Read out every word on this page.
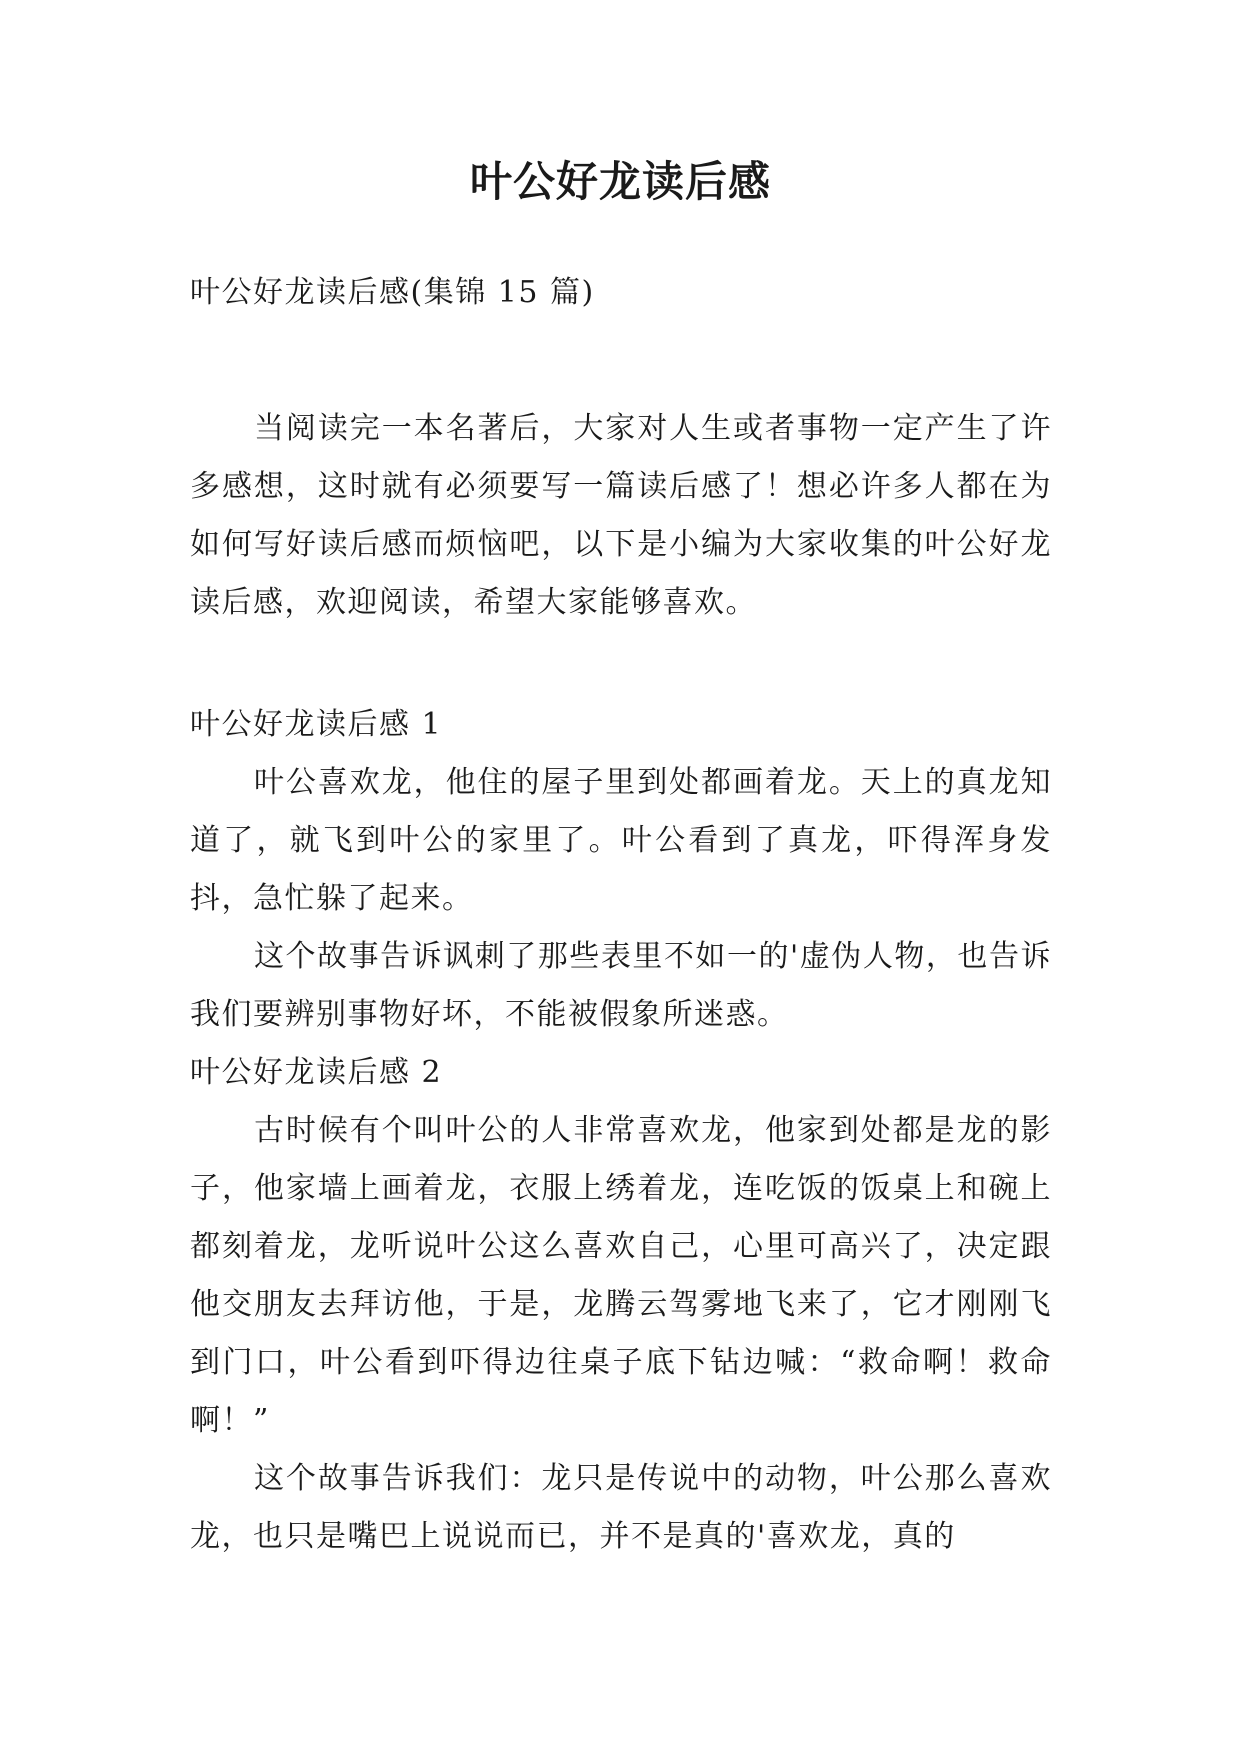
叶公好龙读后感

叶公好龙读后感(集锦 15 篇)

当阅读完一本名著后，大家对人生或者事物一定产生了许多感想，这时就有必须要写一篇读后感了！想必许多人都在为如何写好读后感而烦恼吧，以下是小编为大家收集的叶公好龙读后感，欢迎阅读，希望大家能够喜欢。

叶公好龙读后感 1

叶公喜欢龙，他住的屋子里到处都画着龙。天上的真龙知道了，就飞到叶公的家里了。叶公看到了真龙，吓得浑身发抖，急忙躲了起来。

这个故事告诉讽刺了那些表里不如一的'虚伪人物，也告诉我们要辨别事物好坏，不能被假象所迷惑。

叶公好龙读后感 2

古时候有个叫叶公的人非常喜欢龙，他家到处都是龙的影子，他家墙上画着龙，衣服上绣着龙，连吃饭的饭桌上和碗上都刻着龙，龙听说叶公这么喜欢自己，心里可高兴了，决定跟他交朋友去拜访他，于是，龙腾云驾雾地飞来了，它才刚刚飞到门口，叶公看到吓得边往桌子底下钻边喊：“救命啊！救命啊！”

这个故事告诉我们：龙只是传说中的动物，叶公那么喜欢龙，也只是嘴巴上说说而已，并不是真的'喜欢龙，真的
